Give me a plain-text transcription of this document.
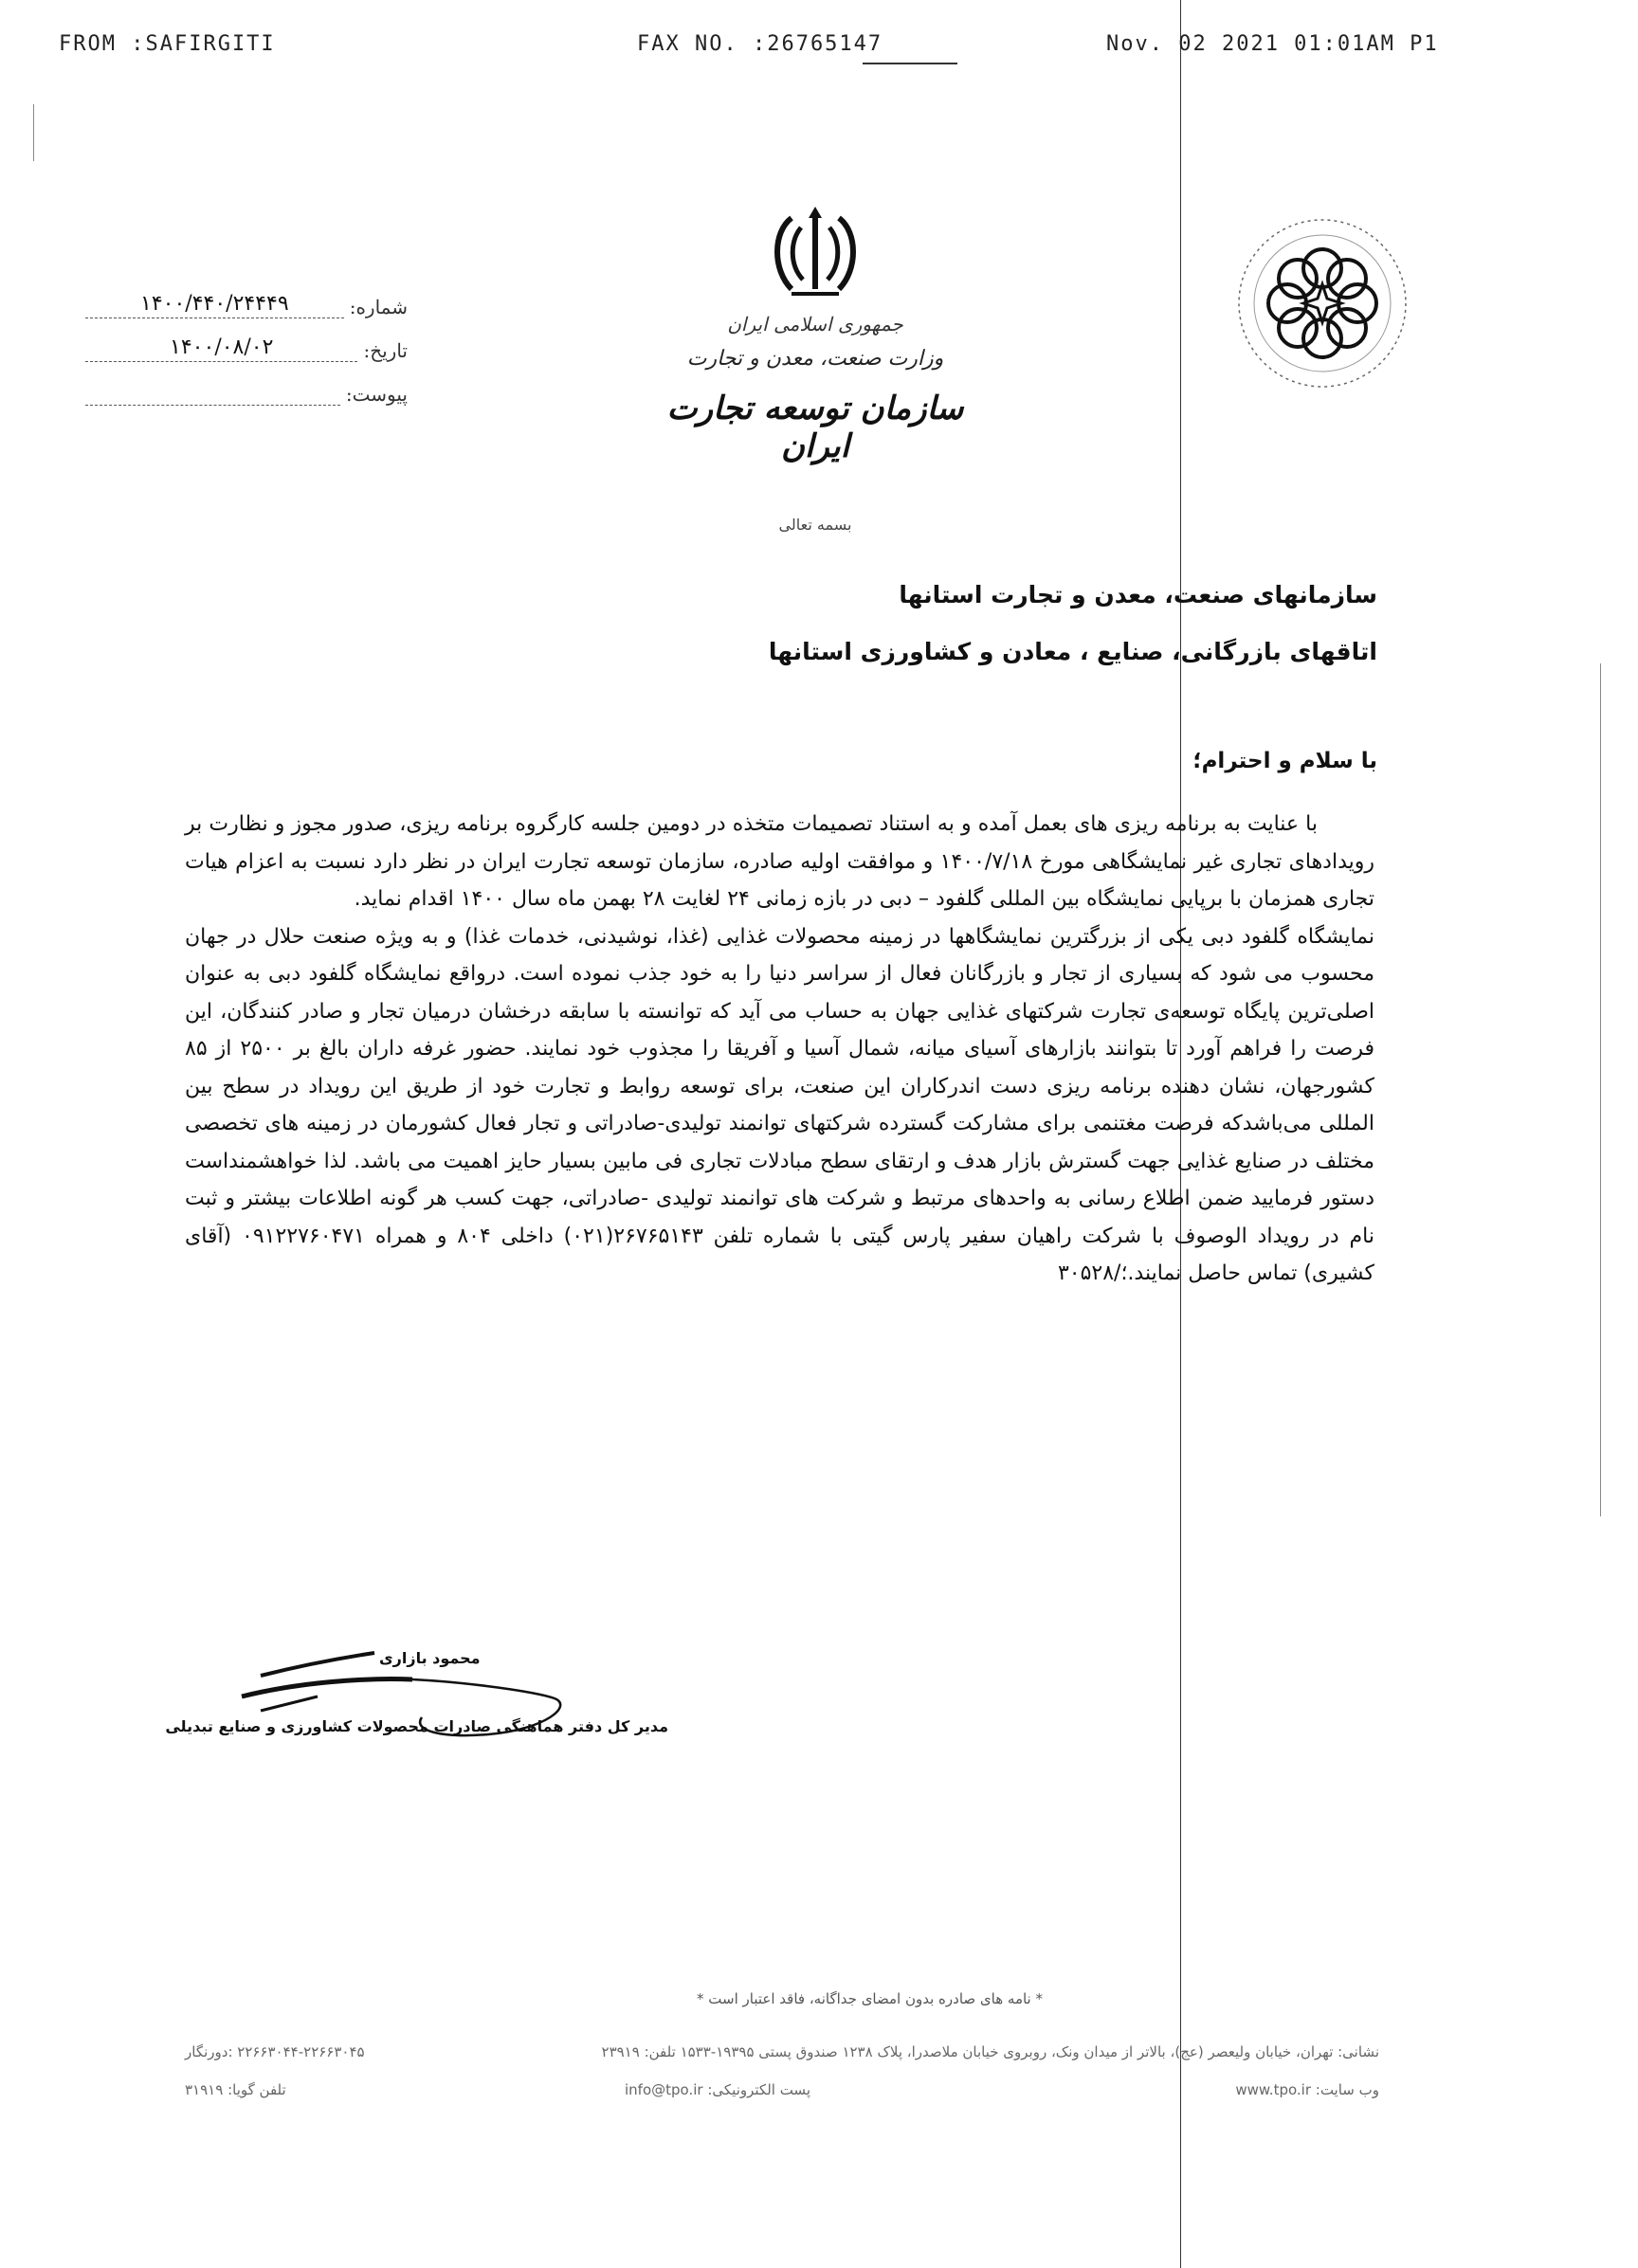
FROM :SAFIRGITI	FAX NO. :26765147	Nov. 02 2021 01:01AM P1
شماره:
۱۴۰۰/۴۴۰/۲۴۴۴۹
تاریخ:
۱۴۰۰/۰۸/۰۲
پیوست:
جمهوری اسلامی ایران
وزارت صنعت، معدن و تجارت
سازمان توسعه تجارت ایران
بسمه تعالی
سازمانهای صنعت، معدن و تجارت استانها
اتاقهای بازرگانی، صنایع ، معادن و کشاورزی استانها
با سلام و احترام؛

با عنایت به برنامه ریزی های بعمل آمده و به استناد تصمیمات متخذه در دومین جلسه کارگروه برنامه ریزی، صدور مجوز و نظارت بر رویدادهای تجاری غیر نمایشگاهی مورخ ۱۴۰۰/۷/۱۸ و موافقت اولیه صادره، سازمان توسعه تجارت ایران در نظر دارد نسبت به اعزام هیات تجاری همزمان با برپایی نمایشگاه بین المللی گلفود – دبی در بازه زمانی ۲۴ لغایت ۲۸ بهمن ماه سال ۱۴۰۰ اقدام نماید.

نمایشگاه گلفود دبی یکی از بزرگترین نمایشگاهها در زمینه محصولات غذایی (غذا، نوشیدنی، خدمات غذا) و به ویژه صنعت حلال در جهان محسوب می شود که بسیاری از تجار و بازرگانان فعال از سراسر دنیا را به خود جذب نموده است. درواقع نمایشگاه گلفود دبی به عنوان اصلی‌ترین پایگاه توسعه‌ی تجارت شرکتهای غذایی جهان به حساب می آید که توانسته با سابقه درخشان درمیان تجار و صادر کنندگان، این فرصت را فراهم آورد تا بتوانند بازارهای آسیای میانه، شمال آسیا و آفریقا را مجذوب خود نمایند. حضور غرفه داران بالغ بر ۲۵۰۰ از ۸۵ کشورجهان، نشان دهنده برنامه ریزی دست اندرکاران این صنعت، برای توسعه روابط و تجارت خود از طریق این رویداد در سطح بین المللی می‌باشدکه فرصت مغتنمی برای مشارکت گسترده شرکتهای توانمند تولیدی-صادراتی و تجار فعال کشورمان در زمینه های تخصصی مختلف در صنایع غذایی جهت گسترش بازار هدف و ارتقای سطح مبادلات تجاری فی مابین بسیار حایز اهمیت می باشد. لذا خواهشمنداست دستور فرمایید ضمن اطلاع رسانی به واحدهای مرتبط و شرکت های توانمند تولیدی -صادراتی، جهت کسب هر گونه اطلاعات بیشتر و ثبت نام در رویداد الوصوف با شرکت راهیان سفیر پارس گیتی با شماره تلفن ۲۶۷۶۵۱۴۳(۰۲۱) داخلی ۸۰۴ و همراه ۰۹۱۲۲۷۶۰۴۷۱ (آقای کشیری) تماس حاصل نمایند.؛/۳۰۵۲۸

محمود بازاری
مدیر کل دفتر هماهنگی صادرات محصولات کشاورزی و صنایع تبدیلی
* نامه های صادره بدون امضای جداگانه، فاقد اعتبار است *
نشانی: تهران، خیابان ولیعصر (عج)، بالاتر از میدان ونک، روبروی خیابان ملاصدرا، پلاک ۱۲۳۸ صندوق پستی ۱۹۳۹۵-۱۵۳۳ تلفن: ۲۳۹۱۹
۲۲۶۶۳۰۴۴-۲۲۶۶۳۰۴۵ :دورنگار
وب سایت: www.tpo.ir
پست الکترونیکی: info@tpo.ir
تلفن گویا: ۳۱۹۱۹
